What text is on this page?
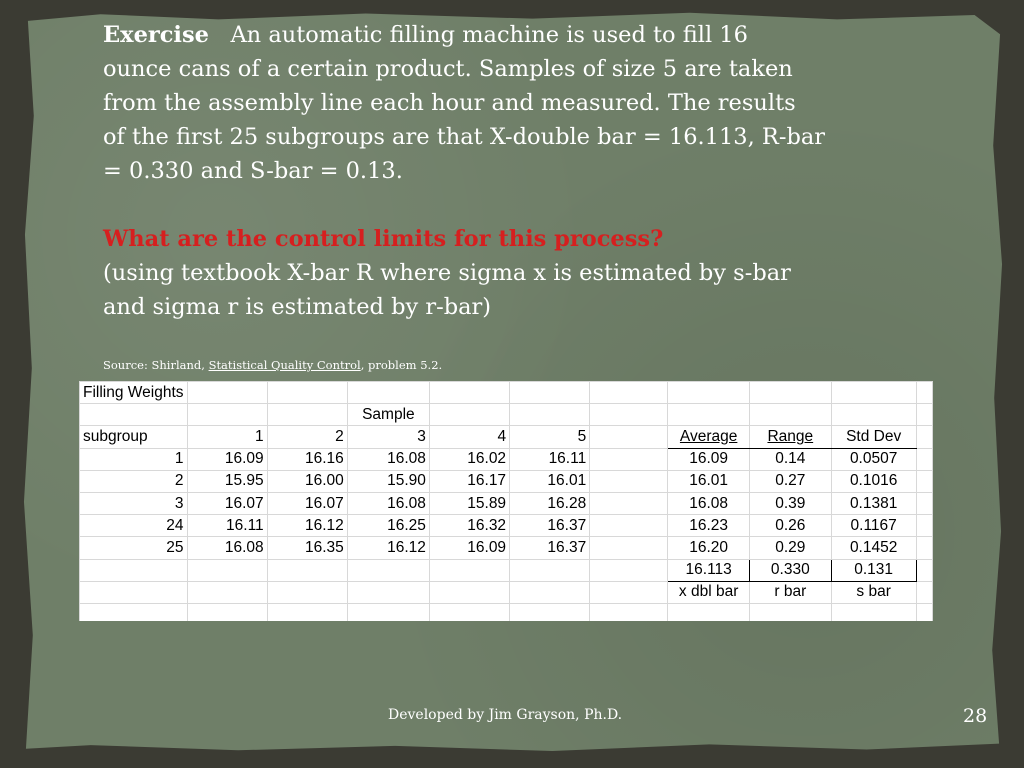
Exercise An automatic filling machine is used to fill 16

ounce cans of a certain product. Samples of size 5 are taken

from the assembly line each hour and measured. The results

of the first 25 subgroups are that X-double bar = 16.113, R-bar

= 0.330 and S-bar = 0.13.

What are the control limits for this process?

(using textbook X-bar R where sigma x is estimated by s-bar

and sigma r is estimated by r-bar)

Source: Shirland, Statistical Quality Control, problem 5.2.
Filling Weights										
			Sample							
subgroup	1	2	3	4	5		Average	Range	Std Dev	
1	16.09	16.16	16.08	16.02	16.11		16.09	0.14	0.0507	
2	15.95	16.00	15.90	16.17	16.01		16.01	0.27	0.1016	
3	16.07	16.07	16.08	15.89	16.28		16.08	0.39	0.1381	
24	16.11	16.12	16.25	16.32	16.37		16.23	0.26	0.1167	
25	16.08	16.35	16.12	16.09	16.37		16.20	0.29	0.1452	
							16.113	0.330	0.131	
							x dbl bar	r bar	s bar	

Developed by Jim Grayson, Ph.D.	28
